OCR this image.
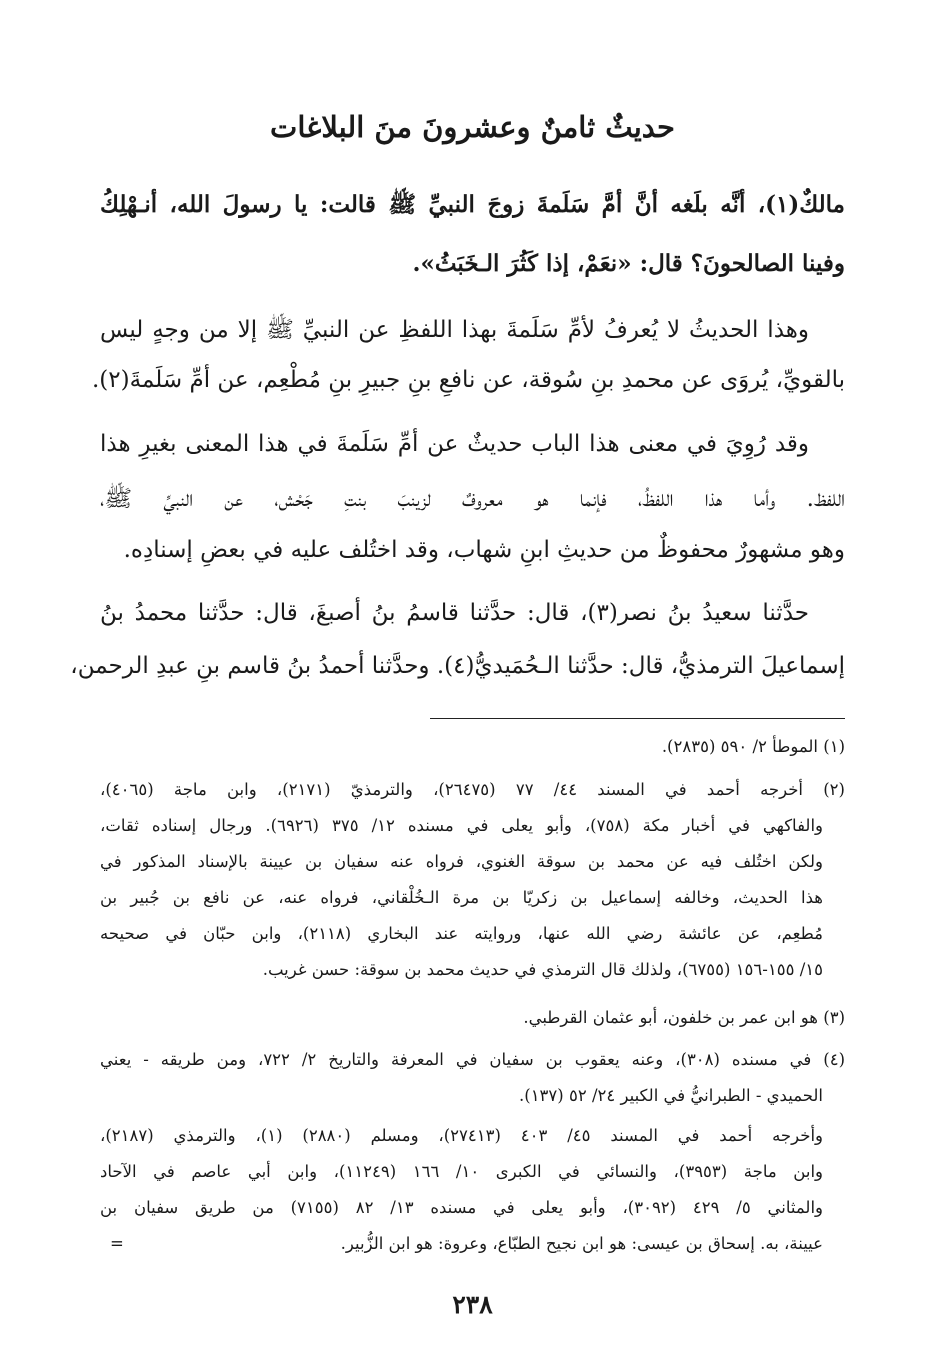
حديثٌ ثامنٌ وعشرونَ منَ البلاغات
مالكٌ(١)، أنَّه بلَغه أنَّ أمَّ سَلَمةَ زوجَ النبيِّ ﷺ قالت: يا رسولَ الله، أنـهْلِكُ
وفينا الصالحونَ؟ قال: «نعَمْ، إذا كَثُرَ الـخَبَثُ».
وهذا الحديثُ لا يُعرفُ لأمِّ سَلَمةَ بهذا اللفظِ عن النبيِّ ﷺ إلا من وجهٍ ليس
بالقويِّ، يُروَى عن محمدِ بنِ سُوقة، عن نافعِ بنِ جبيرِ بنِ مُطْعِم، عن أمِّ سَلَمةَ(٢).
وقد رُوِيَ في معنى هذا الباب حديثٌ عن أمِّ سَلَمةَ في هذا المعنى بغيرِ هذا
اللفظ. وأما هذا اللفظُ، فإنما هو معروفٌ لزينبَ بنتِ جَحْش، عن النبيِّ ﷺ،
وهو مشهورٌ محفوظٌ من حديثِ ابنِ شهاب، وقد اختُلف عليه في بعضِ إسنادِه.
حدَّثنا سعيدُ بنُ نصر(٣)، قال: حدَّثنا قاسمُ بنُ أصبغَ، قال: حدَّثنا محمدُ بنُ
إسماعيلَ الترمذيُّ، قال: حدَّثنا الـحُمَيديُّ(٤). وحدَّثنا أحمدُ بنُ قاسم بنِ عبدِ الرحمن،
(١) الموطأ ٢/ ٥٩٠ (٢٨٣٥).
(٢) أخرجه أحمد في المسند ٤٤/ ٧٧ (٢٦٤٧٥)، والترمذيّ (٢١٧١)، وابن ماجة (٤٠٦٥)،
والفاكهي في أخبار مكة (٧٥٨)، وأبو يعلى في مسنده ١٢/ ٣٧٥ (٦٩٢٦). ورجال إسناده ثقات،
ولكن اختُلف فيه عن محمد بن سوقة الغنوي، فرواه عنه سفيان بن عيينة بالإسناد المذكور في
هذا الحديث، وخالفه إسماعيل بن زكريّا بن مرة الـخُلْقاني، فرواه عنه، عن نافع بن جُبير بن
مُطعِم، عن عائشة رضي الله عنها، وروايته عند البخاري (٢١١٨)، وابن حبّان في صحيحه
١٥/ ١٥٥-١٥٦ (٦٧٥٥)، ولذلك قال الترمذي في حديث محمد بن سوقة: حسن غريب.
(٣) هو ابن عمر بن خلفون، أبو عثمان القرطبي.
(٤) في مسنده (٣٠٨)، وعنه يعقوب بن سفيان في المعرفة والتاريخ ٢/ ٧٢٢، ومن طريقه - يعني
الحميدي - الطبرانيُّ في الكبير ٢٤/ ٥٢ (١٣٧).
وأخرجه أحمد في المسند ٤٥/ ٤٠٣ (٢٧٤١٣)، ومسلم (٢٨٨٠) (١)، والترمذي (٢١٨٧)،
وابن ماجة (٣٩٥٣)، والنسائي في الكبرى ١٠/ ١٦٦ (١١٢٤٩)، وابن أبي عاصم في الآحاد
والمثاني ٥/ ٤٢٩ (٣٠٩٢)، وأبو يعلى في مسنده ١٣/ ٨٢ (٧١٥٥) من طريق سفيان بن
عيينة، به. إسحاق بن عيسى: هو ابن نجيح الطبّاع، وعروة: هو ابن الزُّبير.
=
٢٣٨
